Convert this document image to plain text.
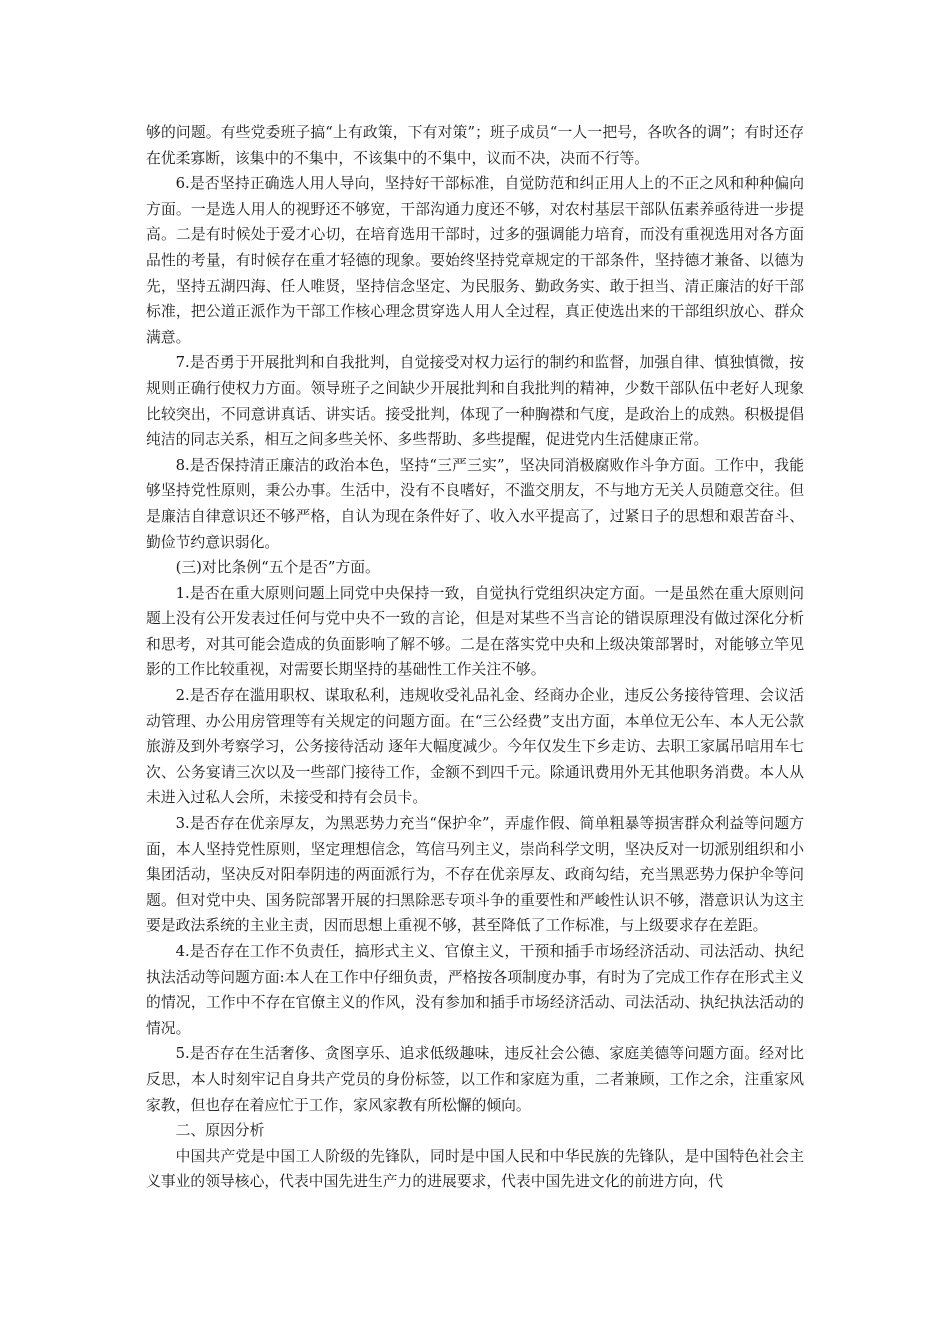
够的问题。有些党委班子搞“上有政策，下有对策”；班子成员“一人一把号，各吹各的调”；有时还存在优柔寡断，该集中的不集中，不该集中的不集中，议而不决，决而不行等。

6.是否坚持正确选人用人导向，坚持好干部标准，自觉防范和纠正用人上的不正之风和种种偏向方面。一是选人用人的视野还不够宽，干部沟通力度还不够，对农村基层干部队伍素养亟待进一步提高。二是有时候处于爱才心切，在培育选用干部时，过多的强调能力培育，而没有重视选用对各方面品性的考量，有时候存在重才轻德的现象。要始终坚持党章规定的干部条件，坚持德才兼备、以德为先，坚持五湖四海、任人唯贤，坚持信念坚定、为民服务、勤政务实、敢于担当、清正廉洁的好干部标准，把公道正派作为干部工作核心理念贯穿选人用人全过程，真正使选出来的干部组织放心、群众满意。

7.是否勇于开展批判和自我批判，自觉接受对权力运行的制约和监督，加强自律、慎独慎微，按规则正确行使权力方面。领导班子之间缺少开展批判和自我批判的精神，少数干部队伍中老好人现象比较突出，不同意讲真话、讲实话。接受批判，体现了一种胸襟和气度，是政治上的成熟。积极提倡纯洁的同志关系，相互之间多些关怀、多些帮助、多些提醒，促进党内生活健康正常。

8.是否保持清正廉洁的政治本色，坚持“三严三实”，坚决同消极腐败作斗争方面。工作中，我能够坚持党性原则，秉公办事。生活中，没有不良嗜好，不滥交朋友，不与地方无关人员随意交往。但是廉洁自律意识还不够严格，自认为现在条件好了、收入水平提高了，过紧日子的思想和艰苦奋斗、勤俭节约意识弱化。

(三)对比条例“五个是否”方面。

1.是否在重大原则问题上同党中央保持一致，自觉执行党组织决定方面。一是虽然在重大原则问题上没有公开发表过任何与党中央不一致的言论，但是对某些不当言论的错误原理没有做过深化分析和思考，对其可能会造成的负面影响了解不够。二是在落实党中央和上级决策部署时，对能够立竿见影的工作比较重视，对需要长期坚持的基础性工作关注不够。

2.是否存在滥用职权、谋取私利，违规收受礼品礼金、经商办企业，违反公务接待管理、会议活动管理、办公用房管理等有关规定的问题方面。在“三公经费”支出方面，本单位无公车、本人无公款旅游及到外考察学习，公务接待活动 逐年大幅度减少。今年仅发生下乡走访、去职工家属吊唁用车七次、公务宴请三次以及一些部门接待工作，金额不到四千元。除通讯费用外无其他职务消费。本人从未进入过私人会所，未接受和持有会员卡。

3.是否存在优亲厚友，为黑恶势力充当“保护伞”，弄虚作假、简单粗暴等损害群众利益等问题方面，本人坚持党性原则，坚定理想信念，笃信马列主义，崇尚科学文明，坚决反对一切派别组织和小集团活动，坚决反对阳奉阴违的两面派行为，不存在优亲厚友、政商勾结，充当黑恶势力保护伞等问题。但对党中央、国务院部署开展的扫黑除恶专项斗争的重要性和严峻性认识不够，潜意识认为这主要是政法系统的主业主责，因而思想上重视不够，甚至降低了工作标准，与上级要求存在差距。

4.是否存在工作不负责任，搞形式主义、官僚主义，干预和插手市场经济活动、司法活动、执纪执法活动等问题方面:本人在工作中仔细负责，严格按各项制度办事，有时为了完成工作存在形式主义的情况，工作中不存在官僚主义的作风，没有参加和插手市场经济活动、司法活动、执纪执法活动的情况。

5.是否存在生活奢侈、贪图享乐、追求低级趣味，违反社会公德、家庭美德等问题方面。经对比反思，本人时刻牢记自身共产党员的身份标签，以工作和家庭为重，二者兼顾，工作之余，注重家风家教，但也存在着应忙于工作，家风家教有所松懈的倾向。

二、原因分析

中国共产党是中国工人阶级的先锋队，同时是中国人民和中华民族的先锋队，是中国特色社会主义事业的领导核心，代表中国先进生产力的进展要求，代表中国先进文化的前进方向，代
